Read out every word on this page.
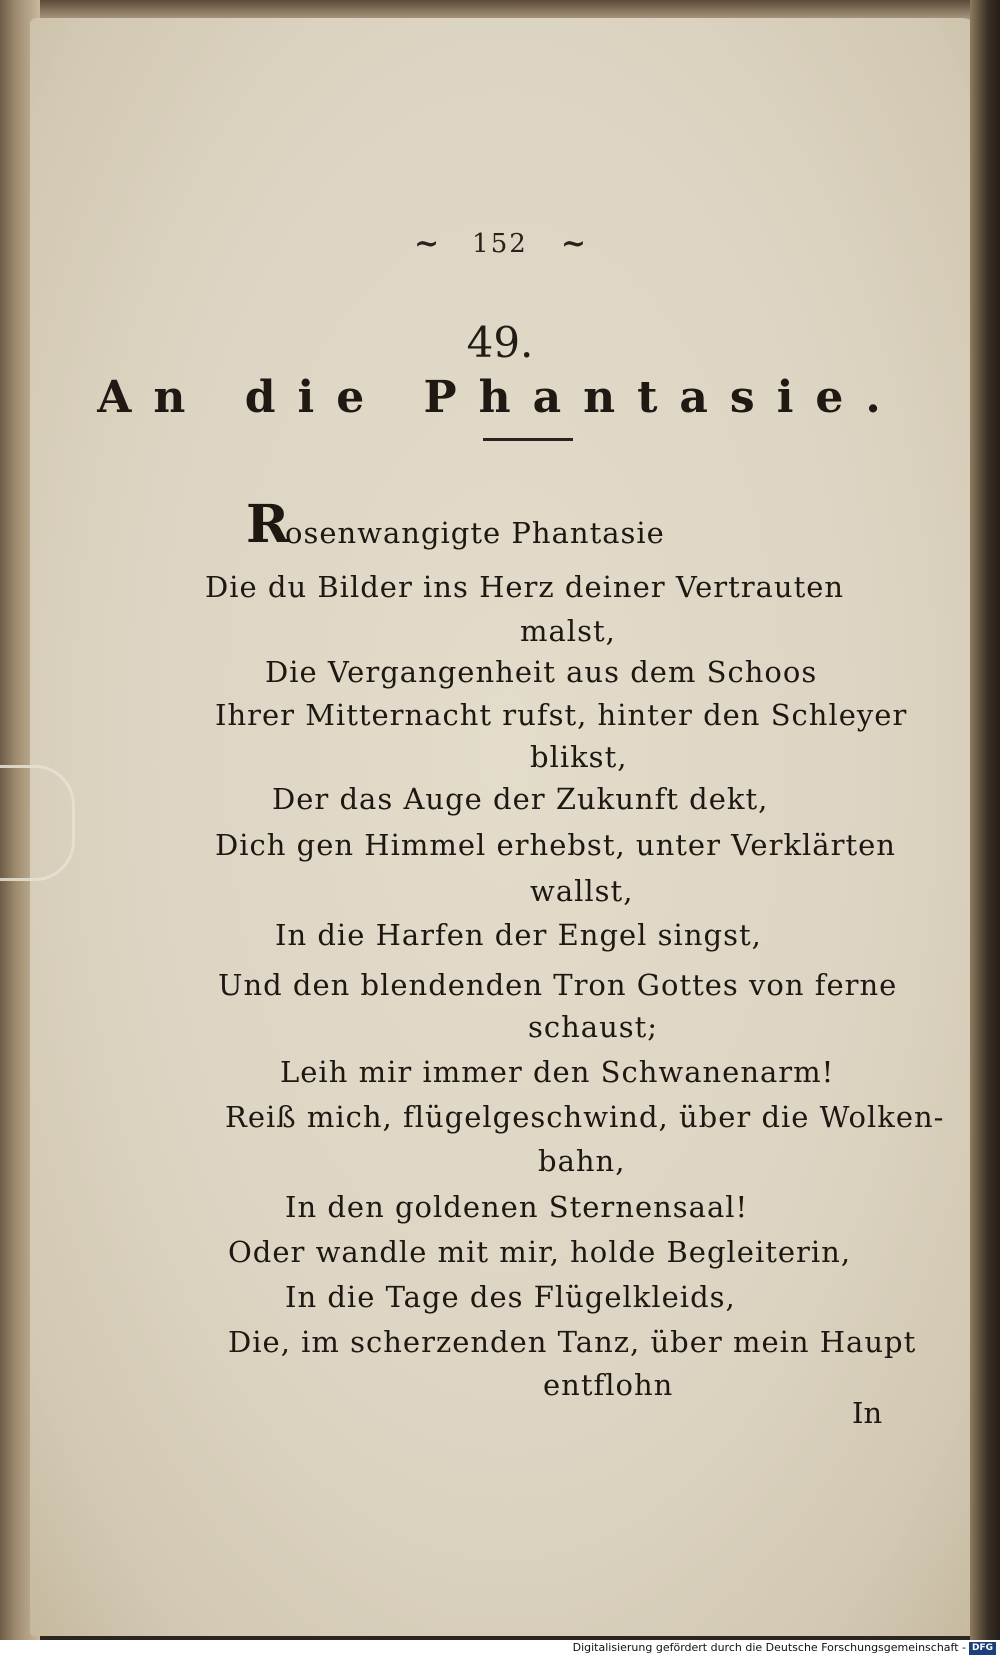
~ 152 ~
49.
An die Phantasie.
R
osenwangigte Phantasie
Die du Bilder ins Herz deiner Vertrauten
malst,
Die Vergangenheit aus dem Schoos
Ihrer Mitternacht rufst, hinter den Schleyer
blikst,
Der das Auge der Zukunft dekt,
Dich gen Himmel erhebst, unter Verklärten
wallst,
In die Harfen der Engel singst,
Und den blendenden Tron Gottes von ferne
schaust;
Leih mir immer den Schwanenarm!
Reiß mich, flügelgeschwind, über die Wolken-
bahn,
In den goldenen Sternensaal!
Oder wandle mit mir, holde Begleiterin,
In die Tage des Flügelkleids,
Die, im scherzenden Tanz, über mein Haupt
entflohn
In
Digitalisierung gefördert durch die Deutsche Forschungsgemeinschaft - DFG
